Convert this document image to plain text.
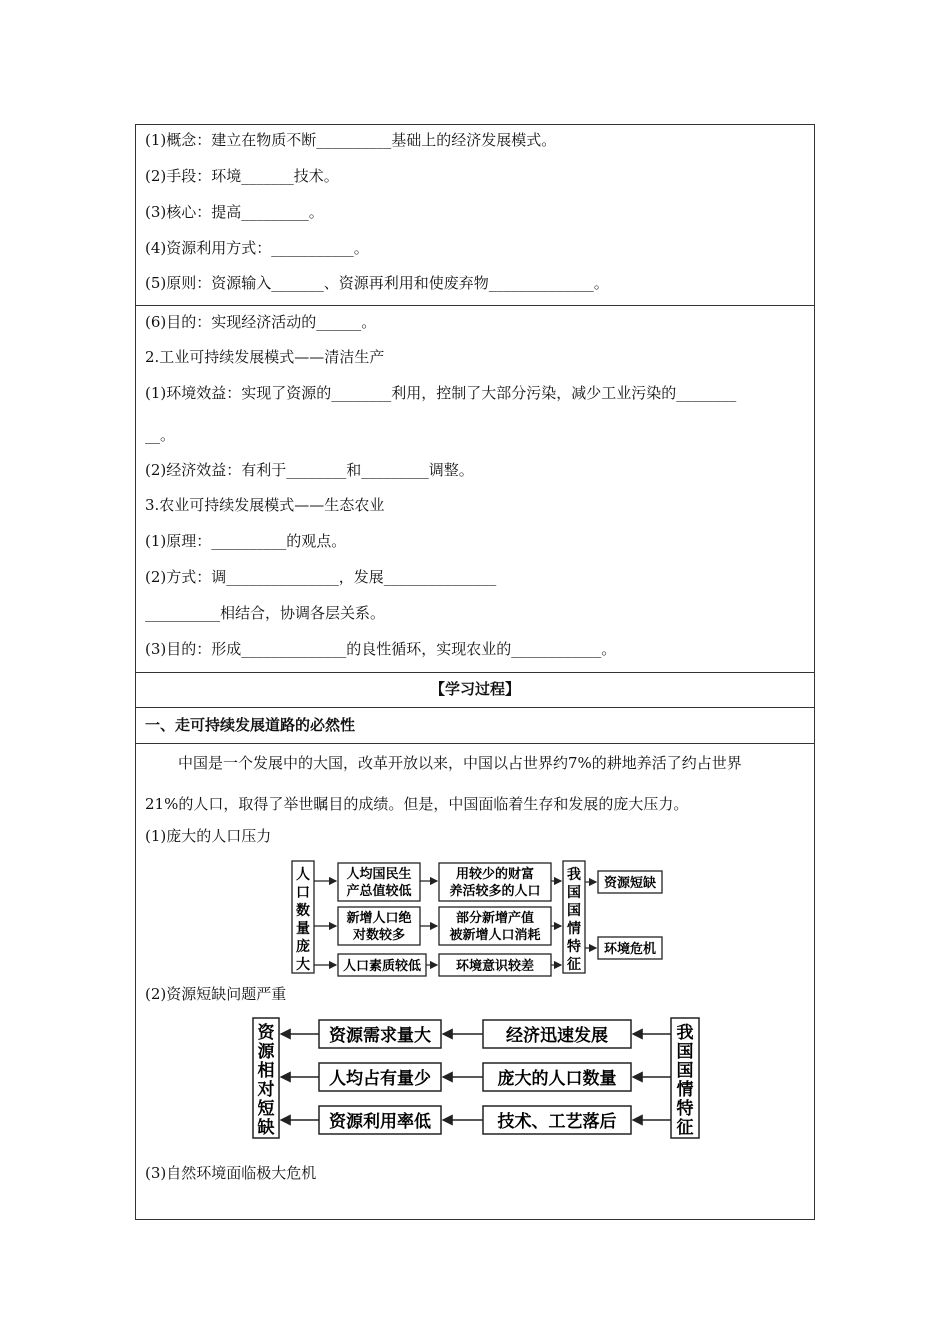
(1)概念：建立在物质不断__________基础上的经济发展模式。
(2)手段：环境_______技术。
(3)核心：提高_________。
(4)资源利用方式：___________。
(5)原则：资源输入_______、资源再利用和使废弃物______________。
(6)目的：实现经济活动的______。
2.工业可持续发展模式——清洁生产
(1)环境效益：实现了资源的________利用，控制了大部分污染，减少工业污染的________
__。
(2)经济效益：有利于________和_________调整。
3.农业可持续发展模式——生态农业
(1)原理：__________的观点。
(2)方式：调_______________，发展_______________
__________相结合，协调各层关系。
(3)目的：形成______________的良性循环，实现农业的____________。
【学习过程】
一、走可持续发展道路的必然性
中国是一个发展中的大国，改革开放以来，中国以占世界约7%的耕地养活了约占世界
21%的人口，取得了举世瞩目的成绩。但是，中国面临着生存和发展的庞大压力。
(1)庞大的人口压力
人
口
数
量
庞
大
人均国民生
产总值较低
新增人口绝
对数较多
人口素质较低
用较少的财富
养活较多的人口
部分新增产值
被新增人口消耗
环境意识较差
我
国
国
情
特
征
资源短缺
环境危机
(2)资源短缺问题严重
资
源
相
对
短
缺
我
国
国
情
特
征
资源需求量大
人均占有量少
资源利用率低
经济迅速发展
庞大的人口数量
技术、工艺落后
(3)自然环境面临极大危机
